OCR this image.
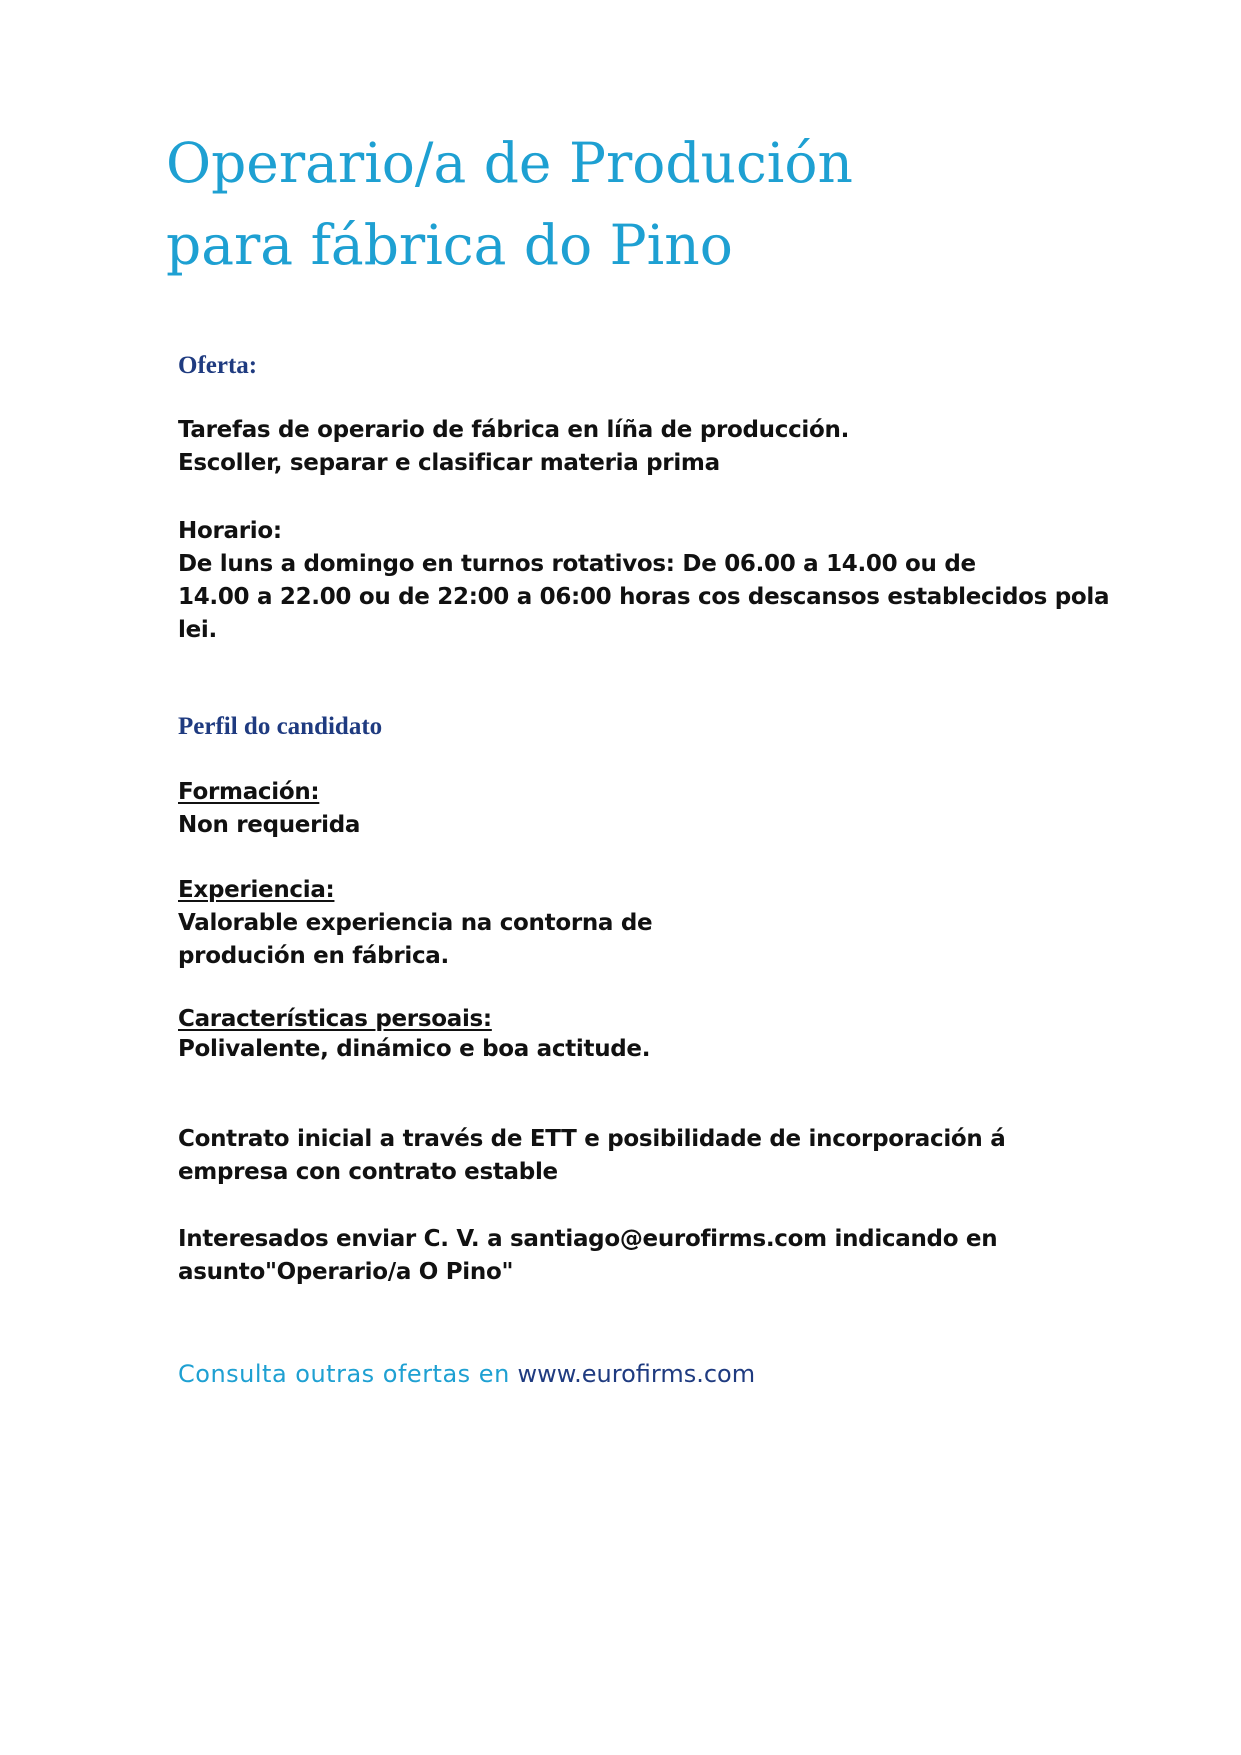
Operario/a de Produción
para fábrica do Pino
Oferta:
Tarefas de operario de fábrica en líña de producción.
Escoller, separar e clasificar materia prima
Horario:
De luns a domingo en turnos rotativos: De 06.00 a 14.00 ou de
14.00 a 22.00 ou de 22:00 a 06:00 horas cos descansos establecidos pola
lei.
Perfil do candidato
Formación:
Non requerida
Experiencia:
Valorable experiencia na contorna de
produción en fábrica.
Características persoais:
Polivalente, dinámico e boa actitude.
Contrato inicial a través de ETT e posibilidade de incorporación á
empresa con contrato estable
Interesados enviar C. V. a santiago@eurofirms.com indicando en
asunto"Operario/a O Pino"

Consulta outras ofertas en www.eurofirms.com
